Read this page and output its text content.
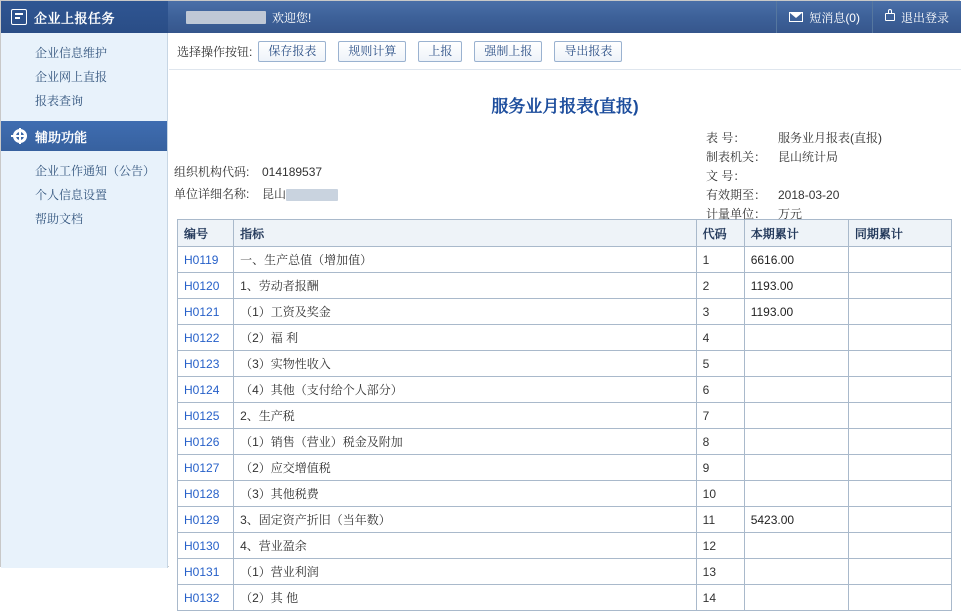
企业上报任务	欢迎您!	短消息(0)	退出登录
企业信息维护
企业网上直报
报表查询
辅助功能
企业工作通知（公告）
个人信息设置
帮助文档
选择操作按钮:	保存报表	规则计算	上报	强制上报	导出报表
服务业月报表(直报)
表 号：	服务业月报表(直报)
制表机关： 昆山统计局
文 号：
有效期至： 2018-03-20
计量单位： 万元
组织机构代码: 014189537
单位详细名称: 昆山
编号	指标	代码	本期累计	同期累计
H0119	一、生产总值（增加值）	1	6616.00	
H0120	1、劳动者报酬	2	1193.00	
H0121	（1）工资及奖金	3	1193.00	
H0122	（2）福 利	4		
H0123	（3）实物性收入	5		
H0124	（4）其他（支付给个人部分）	6		
H0125	2、生产税	7		
H0126	（1）销售（营业）税金及附加	8		
H0127	（2）应交增值税	9		
H0128	（3）其他税费	10		
H0129	3、固定资产折旧（当年数）	11	5423.00	
H0130	4、营业盈余	12		
H0131	（1）营业利润	13		
H0132	（2）其 他	14		
